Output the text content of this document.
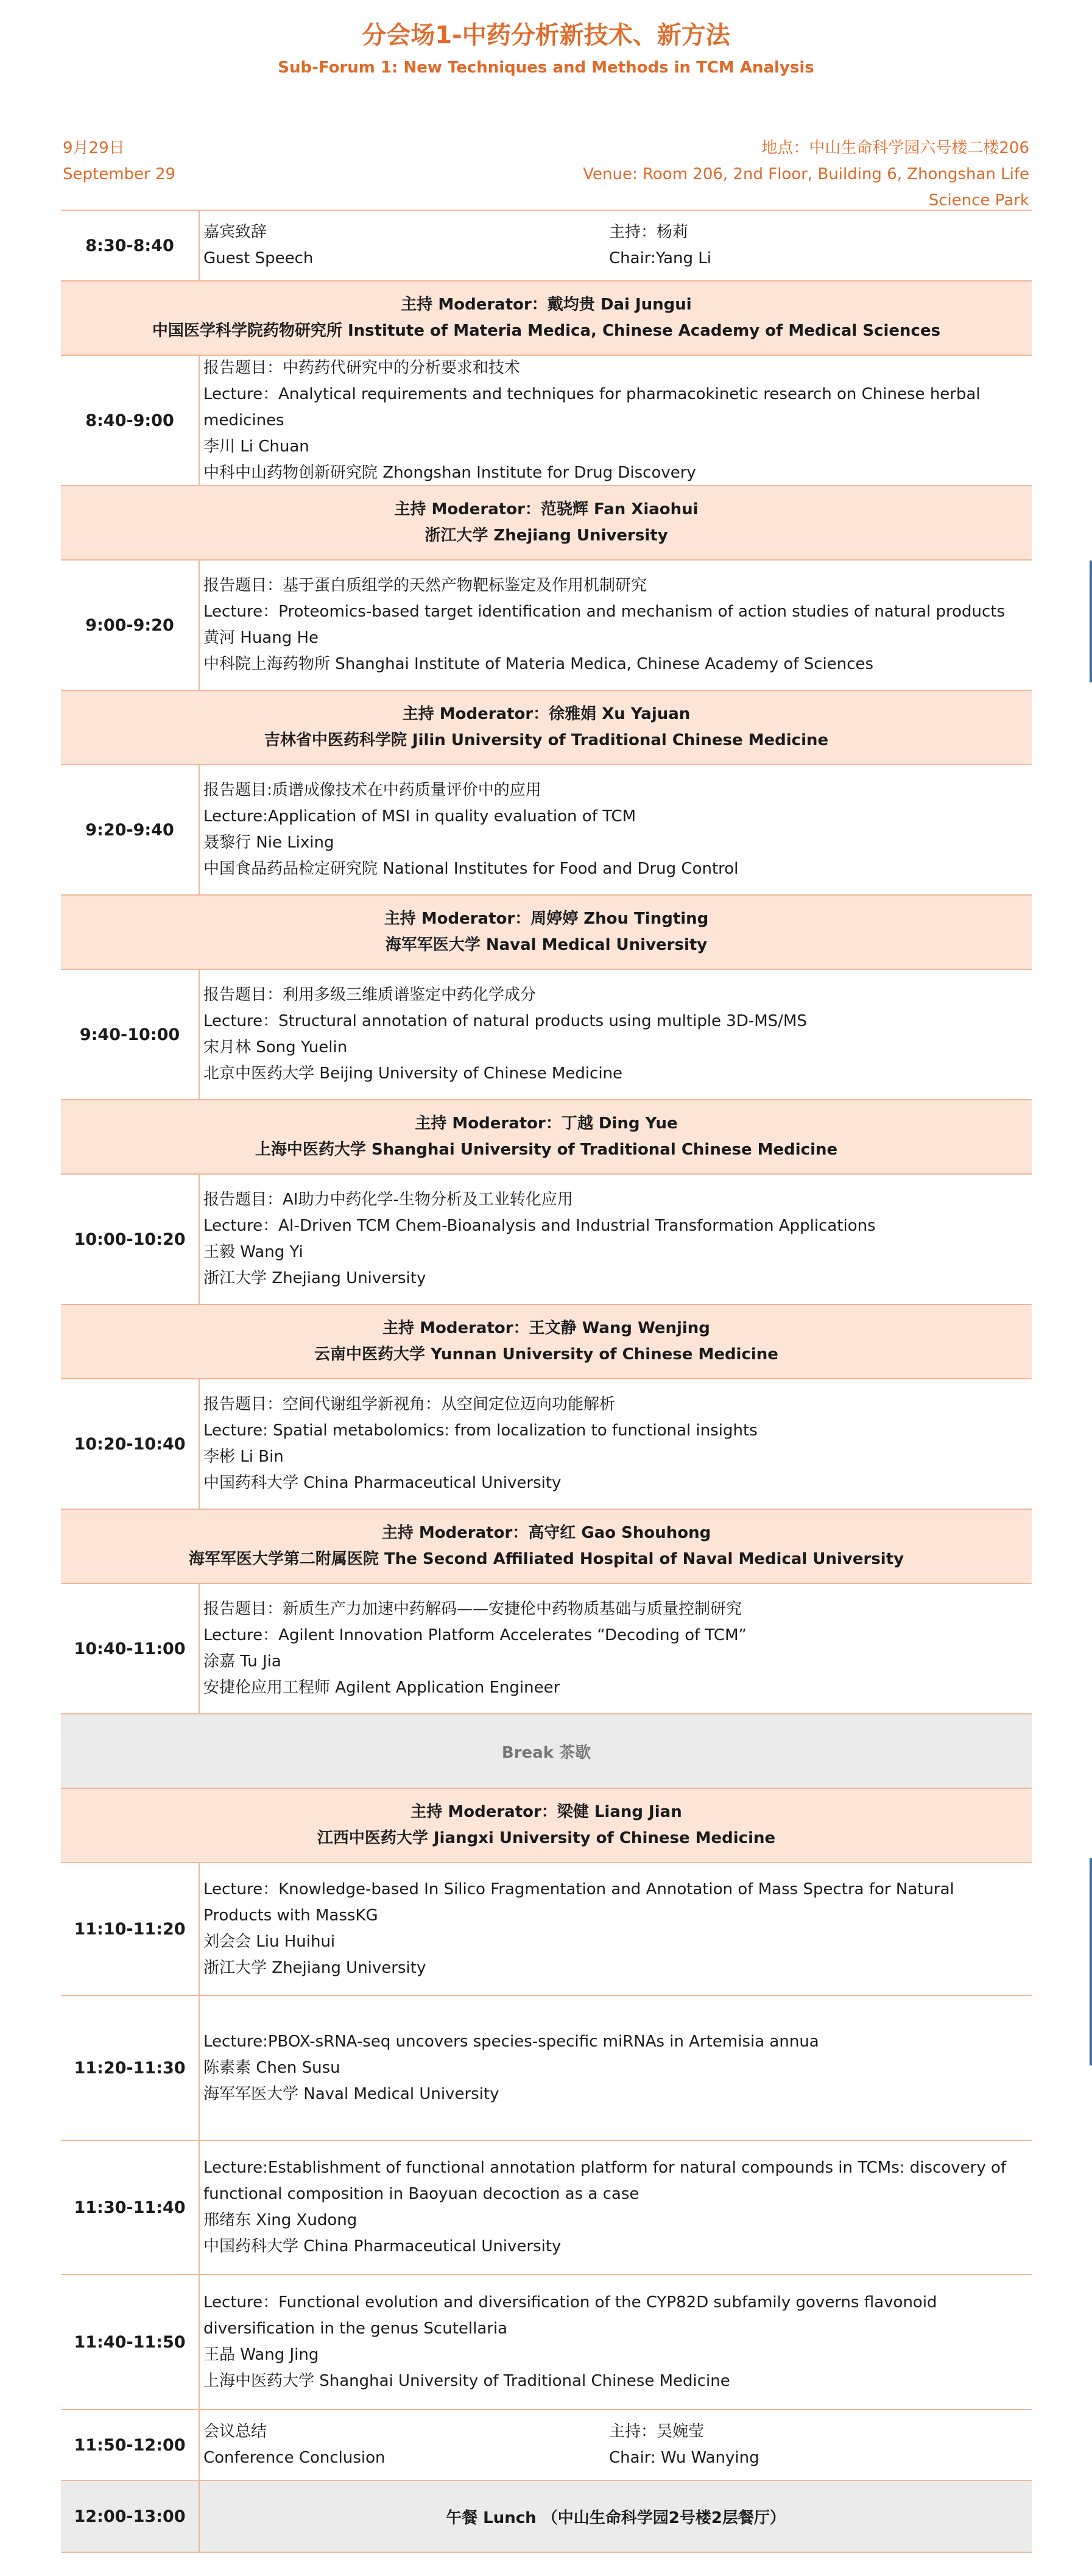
分会场1-中药分析新技术、新方法
Sub-Forum 1: New Techniques and Methods in TCM Analysis
9月29日
September 29
地点：中山生命科学园六号楼二楼206
Venue: Room 206, 2nd Floor, Building 6, Zhongshan Life Science Park
8:30-8:40
嘉宾致辞
Guest Speech
主持：杨莉
Chair:Yang Li
主持 Moderator：戴均贵 Dai Jungui
中国医学科学院药物研究所 Institute of Materia Medica, Chinese Academy of Medical Sciences
8:40-9:00
报告题目：中药药代研究中的分析要求和技术
Lecture：Analytical requirements and techniques for pharmacokinetic research on Chinese herbal medicines
李川 Li Chuan
中科中山药物创新研究院 Zhongshan Institute for Drug Discovery
主持 Moderator：范骁辉 Fan Xiaohui
浙江大学 Zhejiang University
9:00-9:20
报告题目：基于蛋白质组学的天然产物靶标鉴定及作用机制研究
Lecture：Proteomics-based target identification and mechanism of action studies of natural products
黄河 Huang He
中科院上海药物所 Shanghai Institute of Materia Medica, Chinese Academy of Sciences
主持 Moderator：徐雅娟 Xu Yajuan
吉林省中医药科学院 Jilin University of Traditional Chinese Medicine
9:20-9:40
报告题目:质谱成像技术在中药质量评价中的应用
Lecture:Application of MSI in quality evaluation of TCM
聂黎行 Nie Lixing
中国食品药品检定研究院 National Institutes for Food and Drug Control
主持 Moderator：周婷婷 Zhou Tingting
海军军医大学 Naval Medical University
9:40-10:00
报告题目：利用多级三维质谱鉴定中药化学成分
Lecture：Structural annotation of natural products using multiple 3D-MS/MS
宋月林 Song Yuelin
北京中医药大学 Beijing University of Chinese Medicine
主持 Moderator：丁越 Ding Yue
上海中医药大学 Shanghai University of Traditional Chinese Medicine
10:00-10:20
报告题目：AI助力中药化学-生物分析及工业转化应用
Lecture：AI-Driven TCM Chem-Bioanalysis and Industrial Transformation Applications
王毅 Wang Yi
浙江大学 Zhejiang University
主持 Moderator：王文静 Wang Wenjing
云南中医药大学 Yunnan University of Chinese Medicine
10:20-10:40
报告题目：空间代谢组学新视角：从空间定位迈向功能解析
Lecture: Spatial metabolomics: from localization to functional insights
李彬 Li Bin
中国药科大学 China Pharmaceutical University
主持 Moderator：高守红 Gao Shouhong
海军军医大学第二附属医院 The Second Affiliated Hospital of Naval Medical University
10:40-11:00
报告题目：新质生产力加速中药解码——安捷伦中药物质基础与质量控制研究
Lecture：Agilent Innovation Platform Accelerates “Decoding of TCM”
涂嘉 Tu Jia
安捷伦应用工程师 Agilent Application Engineer
Break 茶歇
主持 Moderator：梁健 Liang Jian
江西中医药大学 Jiangxi University of Chinese Medicine
11:10-11:20
Lecture：Knowledge-based In Silico Fragmentation and Annotation of Mass Spectra for Natural Products with MassKG
刘会会 Liu Huihui
浙江大学 Zhejiang University
11:20-11:30
Lecture:PBOX-sRNA-seq uncovers species-specific miRNAs in Artemisia annua
陈素素 Chen Susu
海军军医大学 Naval Medical University
11:30-11:40
Lecture:Establishment of functional annotation platform for natural compounds in TCMs: discovery of functional composition in Baoyuan decoction as a case
邢绪东 Xing Xudong
中国药科大学 China Pharmaceutical University
11:40-11:50
Lecture：Functional evolution and diversification of the CYP82D subfamily governs flavonoid diversification in the genus Scutellaria
王晶 Wang Jing
上海中医药大学 Shanghai University of Traditional Chinese Medicine
11:50-12:00
会议总结
Conference Conclusion
主持：吴婉莹
Chair: Wu Wanying
12:00-13:00	午餐 Lunch （中山生命科学园2号楼2层餐厅）
